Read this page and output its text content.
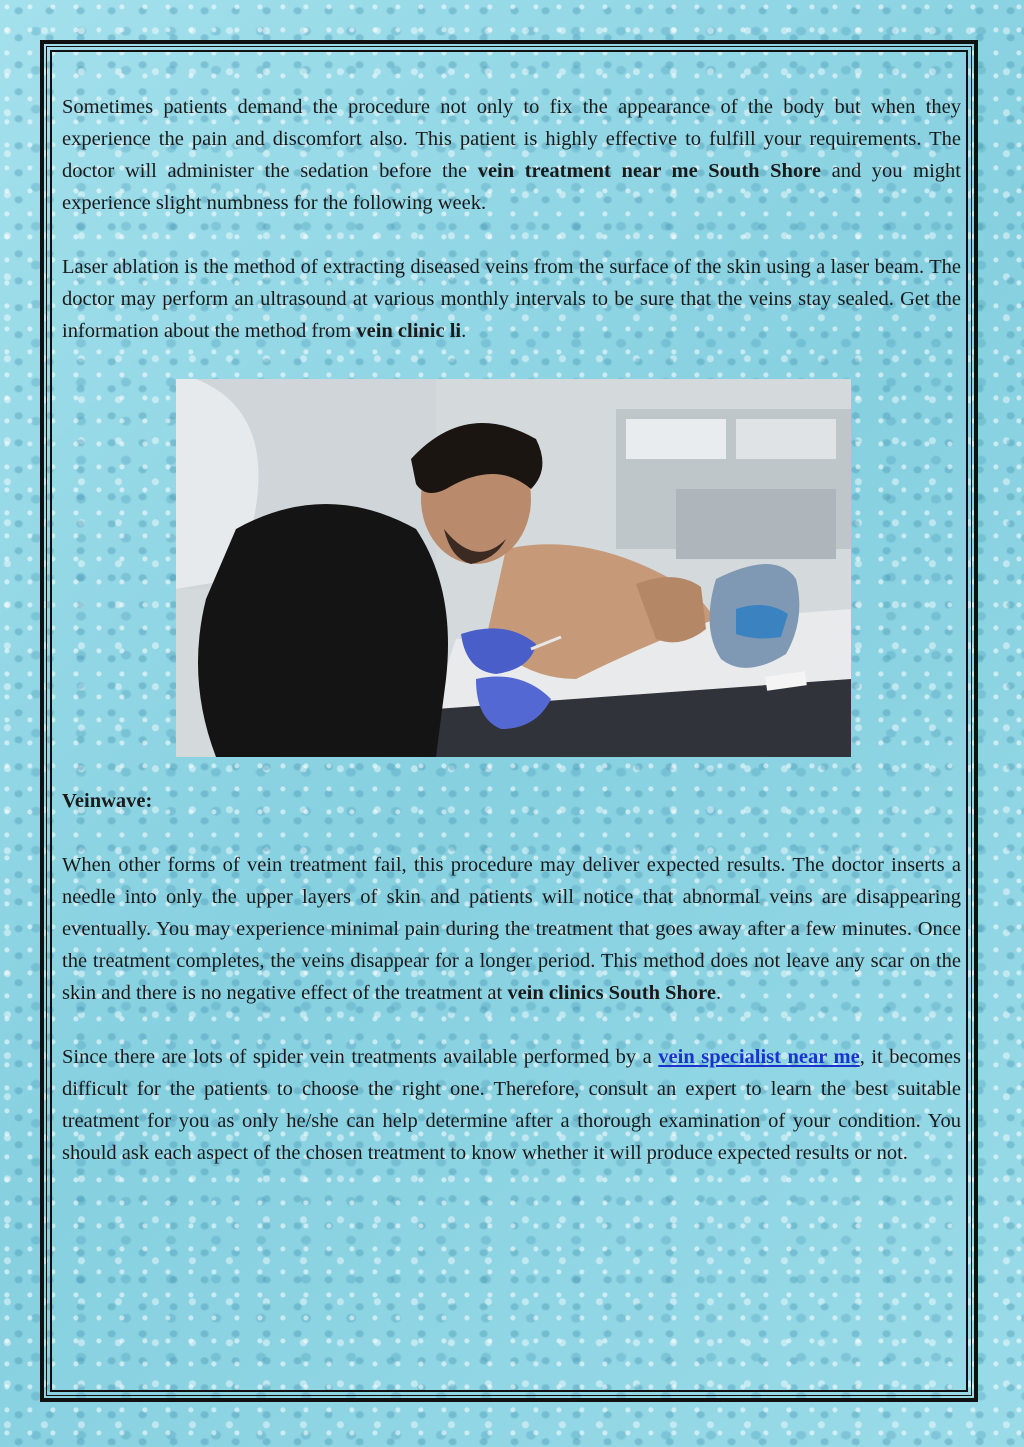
Sometimes patients demand the procedure not only to fix the appearance of the body but when they experience the pain and discomfort also. This patient is highly effective to fulfill your requirements. The doctor will administer the sedation before the vein treatment near me South Shore and you might experience slight numbness for the following week.

Laser ablation is the method of extracting diseased veins from the surface of the skin using a laser beam. The doctor may perform an ultrasound at various monthly intervals to be sure that the veins stay sealed. Get the information about the method from vein clinic li.

Veinwave:

When other forms of vein treatment fail, this procedure may deliver expected results. The doctor inserts a needle into only the upper layers of skin and patients will notice that abnormal veins are disappearing eventually. You may experience minimal pain during the treatment that goes away after a few minutes. Once the treatment completes, the veins disappear for a longer period. This method does not leave any scar on the skin and there is no negative effect of the treatment at vein clinics South Shore.

Since there are lots of spider vein treatments available performed by a vein specialist near me, it becomes difficult for the patients to choose the right one. Therefore, consult an expert to learn the best suitable treatment for you as only he/she can help determine after a thorough examination of your condition. You should ask each aspect of the chosen treatment to know whether it will produce expected results or not.
